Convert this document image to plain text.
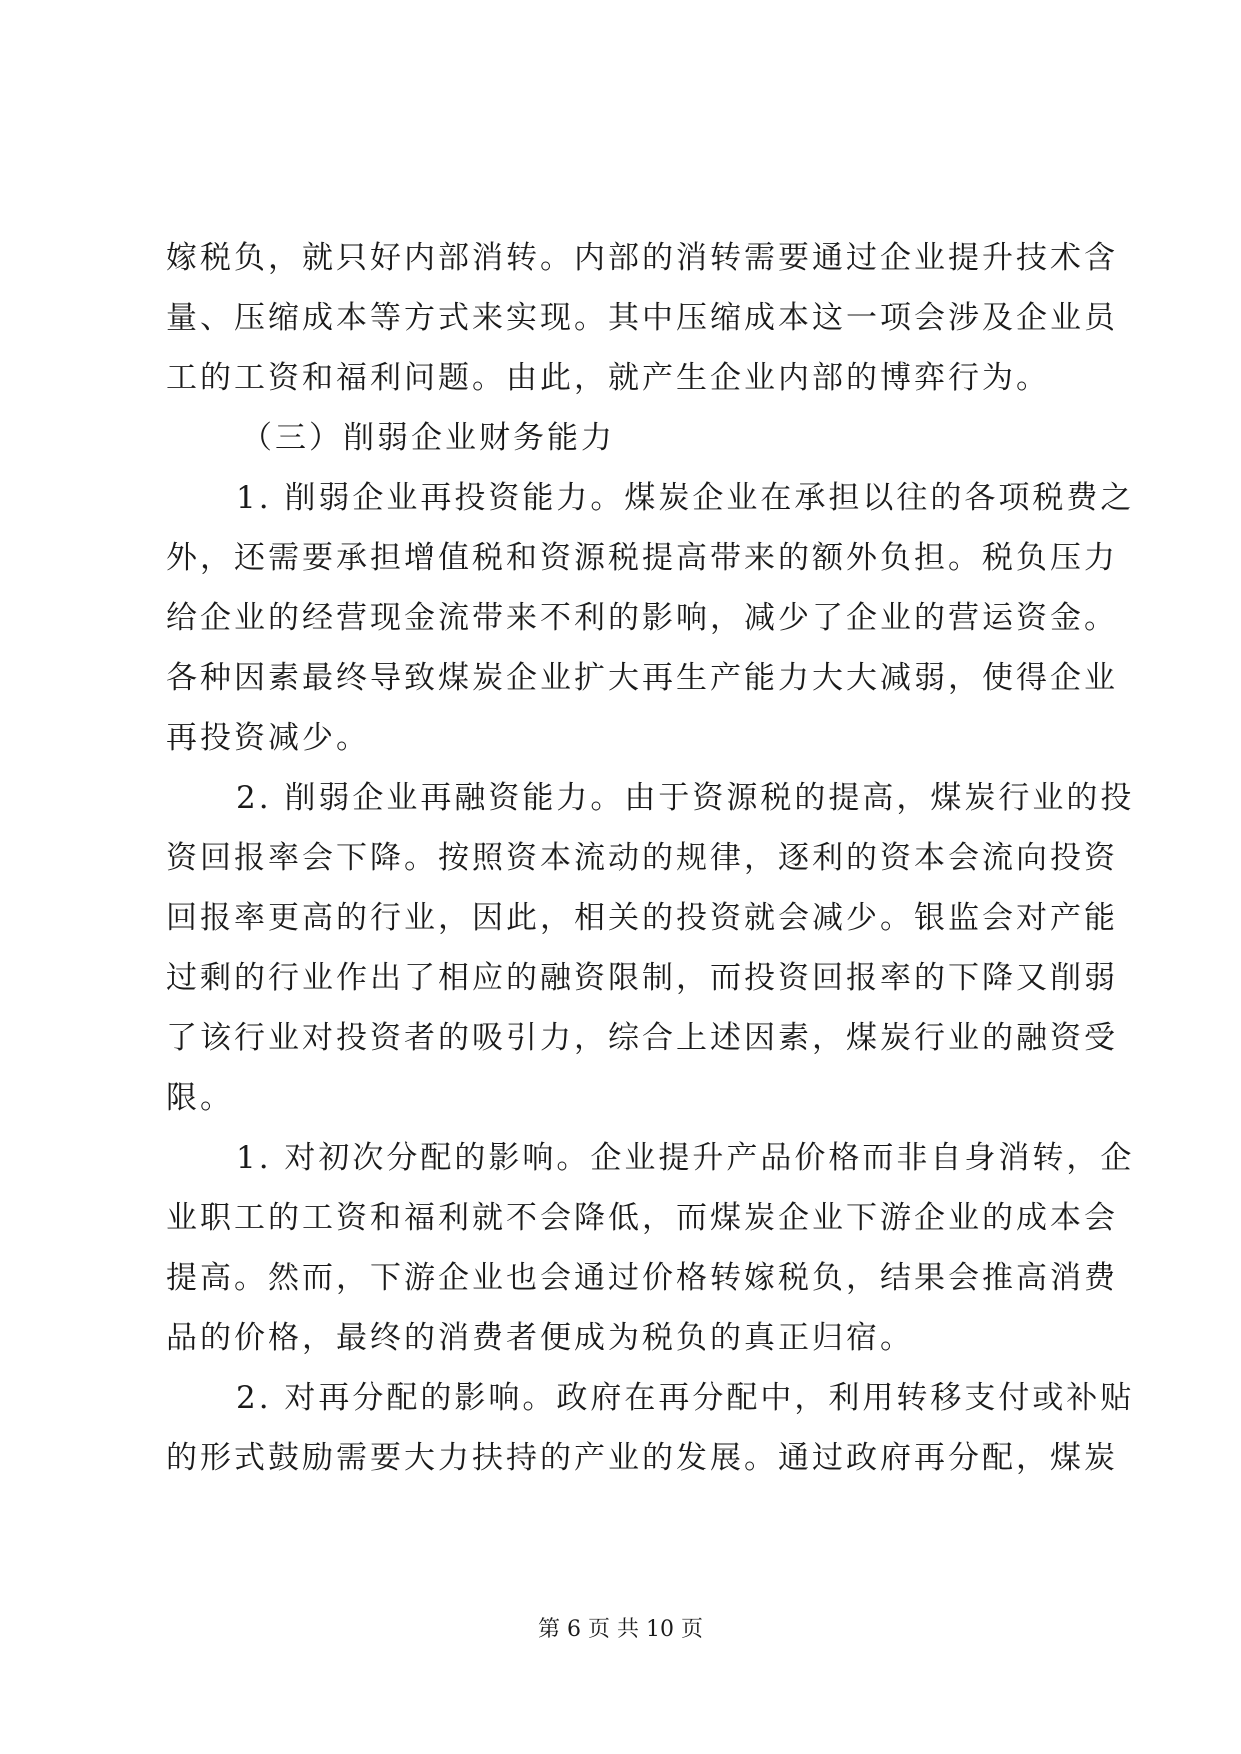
嫁税负，就只好内部消转。内部的消转需要通过企业提升技术含
量、压缩成本等方式来实现。其中压缩成本这一项会涉及企业员
工的工资和福利问题。由此，就产生企业内部的博弈行为。
（三）削弱企业财务能力
1. 削弱企业再投资能力。煤炭企业在承担以往的各项税费之
外，还需要承担增值税和资源税提高带来的额外负担。税负压力
给企业的经营现金流带来不利的影响，减少了企业的营运资金。
各种因素最终导致煤炭企业扩大再生产能力大大减弱，使得企业
再投资减少。
2. 削弱企业再融资能力。由于资源税的提高，煤炭行业的投
资回报率会下降。按照资本流动的规律，逐利的资本会流向投资
回报率更高的行业，因此，相关的投资就会减少。银监会对产能
过剩的行业作出了相应的融资限制，而投资回报率的下降又削弱
了该行业对投资者的吸引力，综合上述因素，煤炭行业的融资受
限。
1. 对初次分配的影响。企业提升产品价格而非自身消转，企
业职工的工资和福利就不会降低，而煤炭企业下游企业的成本会
提高。然而，下游企业也会通过价格转嫁税负，结果会推高消费
品的价格，最终的消费者便成为税负的真正归宿。
2. 对再分配的影响。政府在再分配中，利用转移支付或补贴
的形式鼓励需要大力扶持的产业的发展。通过政府再分配，煤炭
第 6 页 共 10 页
